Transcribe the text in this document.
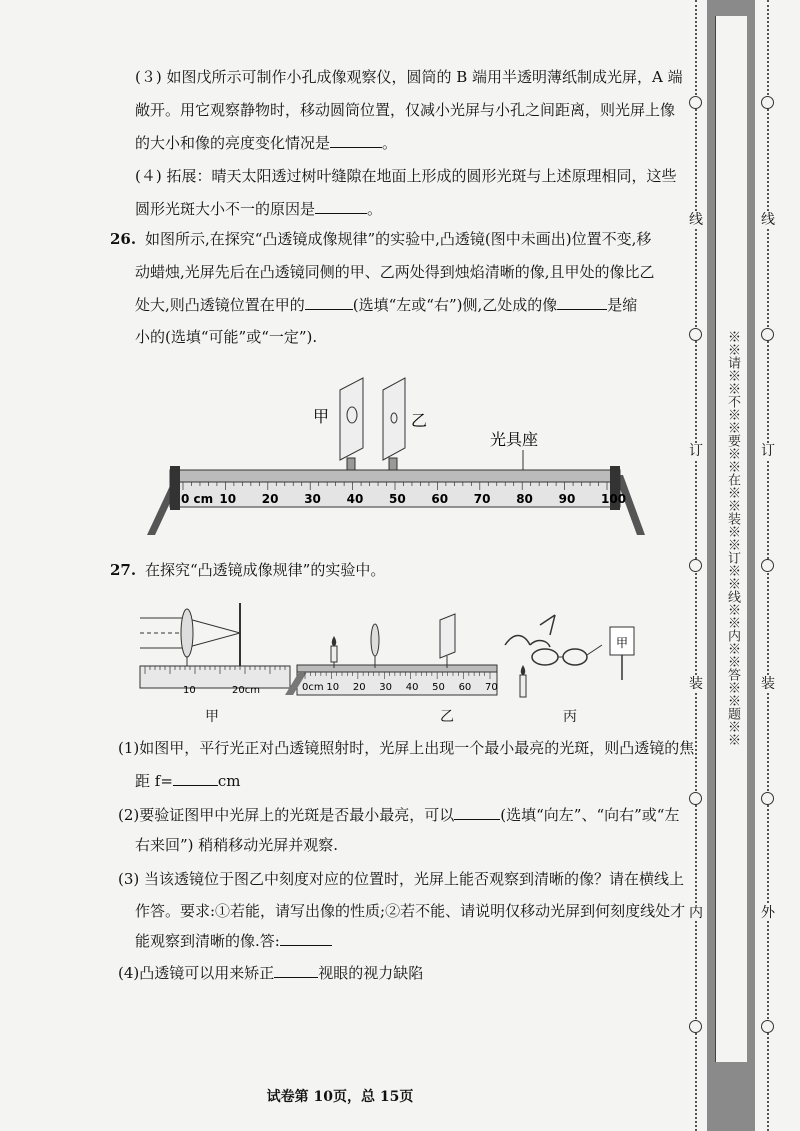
(３) 如图戊所示可制作小孔成像观察仪，圆筒的 B 端用半透明薄纸制成光屏，A 端
敞开。用它观察静物时，移动圆筒位置，仅减小光屏与小孔之间距离，则光屏上像
的大小和像的亮度变化情况是	。
(４) 拓展：晴天太阳透过树叶缝隙在地面上形成的圆形光斑与上述原理相同，这些
圆形光斑大小不一的原因是	。
26. 如图所示,在探究“凸透镜成像规律”的实验中,凸透镜(图中未画出)位置不变,移
动蜡烛,光屏先后在凸透镜同侧的甲、乙两处得到烛焰清晰的像,且甲处的像比乙
处大,则凸透镜位置在甲的	(选填“左或“右”)侧,乙处成的像	是缩
小的(选填“可能”或“一定”).
0 cm 10 20 30 40 50 60 70 80 90 100
甲	乙
光具座
27. 在探究“凸透镜成像规律”的实验中。
10	20cm	0cm 10 20 30 40 50 60 70
甲
甲	乙	丙
(1)如图甲，平行光正对凸透镜照射时，光屏上出现一个最小最亮的光斑，则凸透镜的焦
距 f=	cm
(2)要验证图甲中光屏上的光斑是否最小最亮，可以	(选填“向左”、“向右”或“左
右来回”) 稍稍移动光屏并观察.
(3) 当该透镜位于图乙中刻度对应的位置时，光屏上能否观察到清晰的像？请在横线上
作答。要求:①若能，请写出像的性质;②若不能、请说明仅移动光屏到何刻度线处才
能观察到清晰的像.答:
(4)凸透镜可以用来矫正	视眼的视力缺陷
试卷第 10页，总 15页
※※请※※不※※要※※在※※装※※订※※线※※内※※答※※题※※
线
订
装
内
线
订
装
外
